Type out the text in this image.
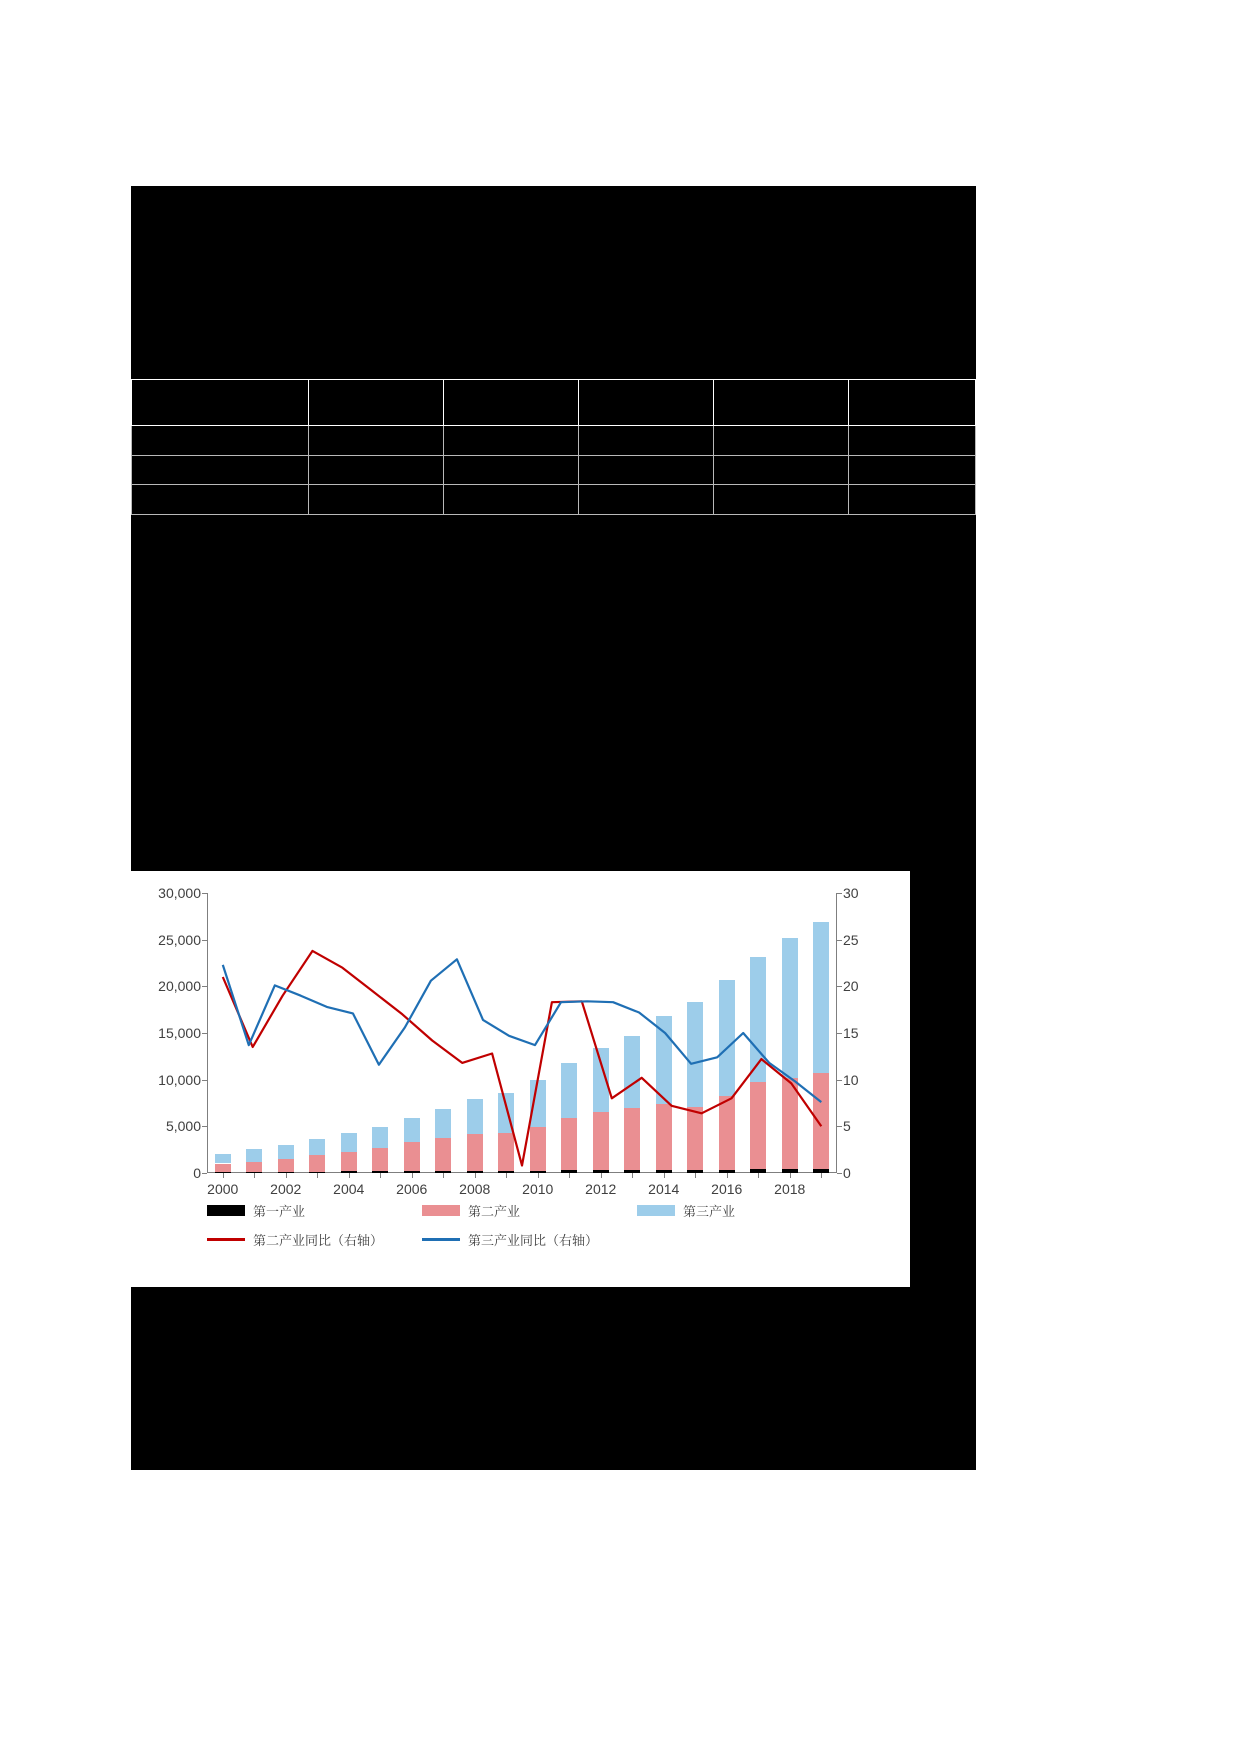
0
5,000
10,000
15,000
20,000
25,000
30,000
0
5
10
15
20
25
30
2000 2002 2004 2006 2008 2010 2012 2014 2016 2018
第一产业	第二产业	第三产业
第二产业同比（右轴）	第三产业同比（右轴）
